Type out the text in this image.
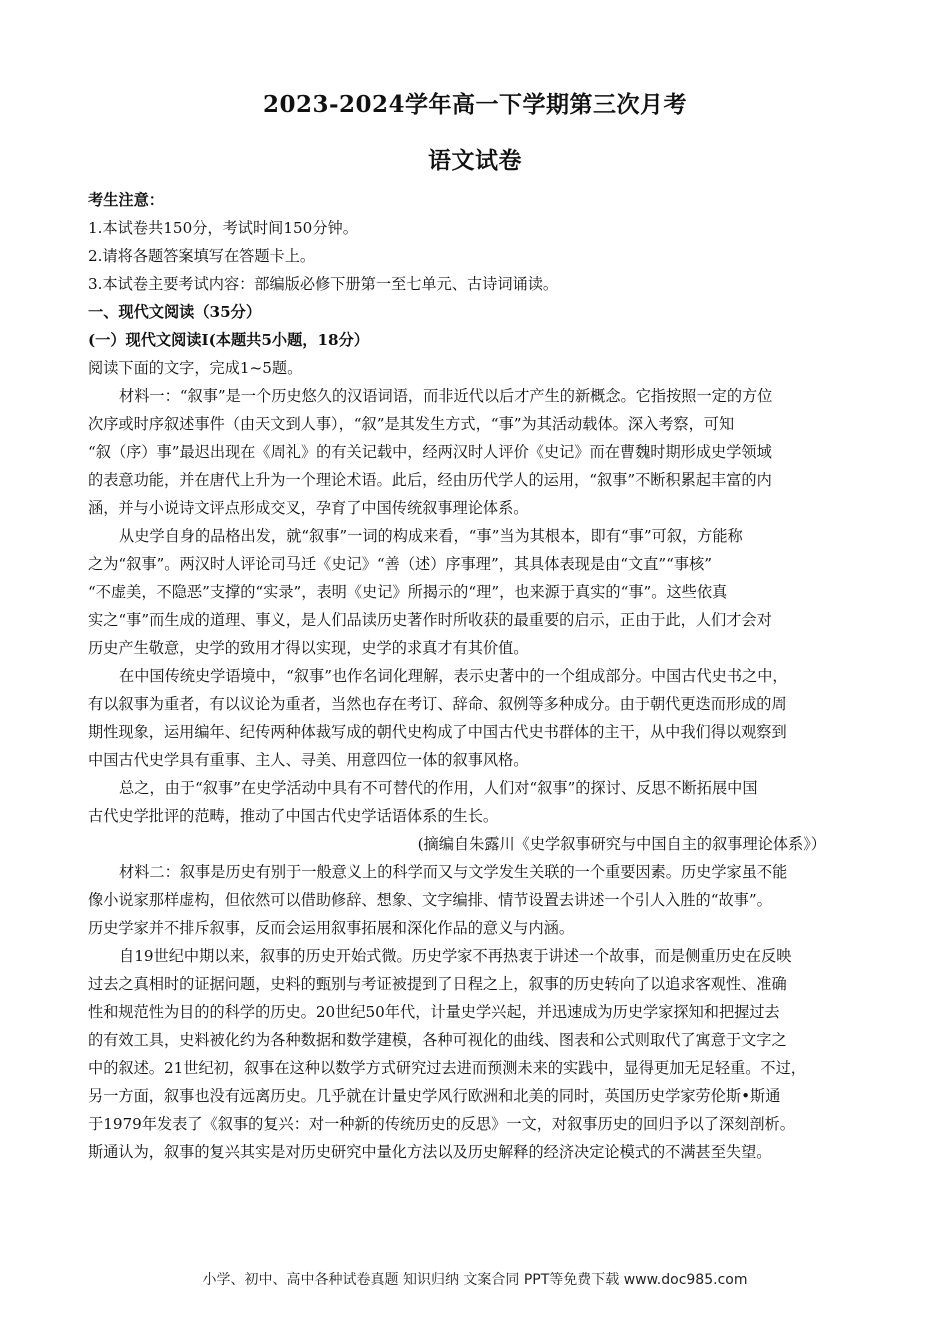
2023-2024学年高一下学期第三次月考
语文试卷
考生注意：
1.本试卷共150分，考试时间150分钟。
2.请将各题答案填写在答题卡上。
3.本试卷主要考试内容：部编版必修下册第一至七单元、古诗词诵读。
一、现代文阅读（35分）
(一）现代文阅读Ⅰ(本题共5小题，18分）
阅读下面的文字，完成1~5题。
材料一：“叙事”是一个历史悠久的汉语词语，而非近代以后才产生的新概念。它指按照一定的方位
次序或时序叙述事件（由天文到人事），“叙”是其发生方式，“事”为其活动载体。深入考察，可知
“叙（序）事”最迟出现在《周礼》的有关记载中，经两汉时人评价《史记》而在曹魏时期形成史学领域
的表意功能，并在唐代上升为一个理论术语。此后，经由历代学人的运用，“叙事”不断积累起丰富的内
涵，并与小说诗文评点形成交叉，孕育了中国传统叙事理论体系。
从史学自身的品格出发，就“叙事”一词的构成来看，“事”当为其根本，即有“事”可叙，方能称
之为“叙事”。两汉时人评论司马迁《史记》“善（述）序事理”，其具体表现是由“文直”“事核”
“不虚美，不隐恶”支撑的“实录”，表明《史记》所揭示的“理”，也来源于真实的“事”。这些依真
实之“事”而生成的道理、事义，是人们品读历史著作时所收获的最重要的启示，正由于此，人们才会对
历史产生敬意，史学的致用才得以实现，史学的求真才有其价值。
在中国传统史学语境中，“叙事”也作名词化理解，表示史著中的一个组成部分。中国古代史书之中，
有以叙事为重者，有以议论为重者，当然也存在考订、辞命、叙例等多种成分。由于朝代更迭而形成的周
期性现象，运用编年、纪传两种体裁写成的朝代史构成了中国古代史书群体的主干，从中我们得以观察到
中国古代史学具有重事、主人、寻美、用意四位一体的叙事风格。
总之，由于“叙事”在史学活动中具有不可替代的作用，人们对“叙事”的探讨、反思不断拓展中国
古代史学批评的范畴，推动了中国古代史学话语体系的生长。
(摘编自朱露川《史学叙事研究与中国自主的叙事理论体系》）
材料二：叙事是历史有别于一般意义上的科学而又与文学发生关联的一个重要因素。历史学家虽不能
像小说家那样虚构，但依然可以借助修辞、想象、文字编排、情节设置去讲述一个引人入胜的“故事”。
历史学家并不排斥叙事，反而会运用叙事拓展和深化作品的意义与内涵。
自19世纪中期以来，叙事的历史开始式微。历史学家不再热衷于讲述一个故事，而是侧重历史在反映
过去之真相时的证据问题，史料的甄别与考证被提到了日程之上，叙事的历史转向了以追求客观性、准确
性和规范性为目的的科学的历史。20世纪50年代，计量史学兴起，并迅速成为历史学家探知和把握过去
的有效工具，史料被化约为各种数据和数学建模，各种可视化的曲线、图表和公式则取代了寓意于文字之
中的叙述。21世纪初，叙事在这种以数学方式研究过去进而预测未来的实践中，显得更加无足轻重。不过，
另一方面，叙事也没有远离历史。几乎就在计量史学风行欧洲和北美的同时，英国历史学家劳伦斯•斯通
于1979年发表了《叙事的复兴：对一种新的传统历史的反思》一文，对叙事历史的回归予以了深刻剖析。
斯通认为，叙事的复兴其实是对历史研究中量化方法以及历史解释的经济决定论模式的不满甚至失望。
小学、初中、高中各种试卷真题 知识归纳 文案合同 PPT等免费下载 www.doc985.com
